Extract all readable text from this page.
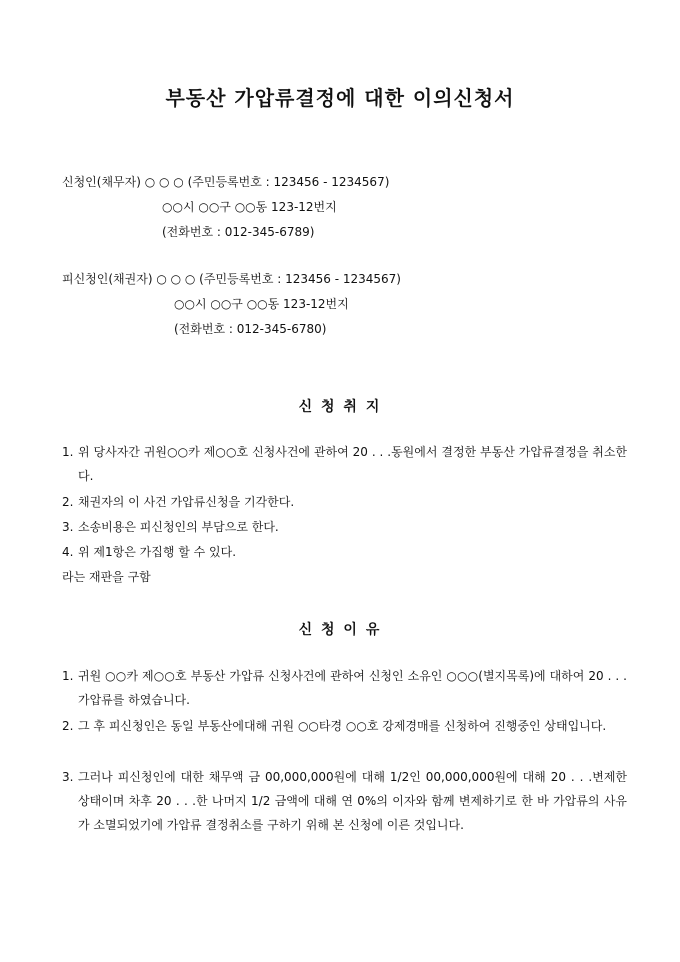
부동산 가압류결정에 대한 이의신청서
신청인(채무자) ○ ○ ○ (주민등록번호 : 123456 - 1234567)
○○시 ○○구 ○○동 123-12번지
(전화번호 : 012-345-6789)
피신청인(채권자) ○ ○ ○ (주민등록번호 : 123456 - 1234567)
○○시 ○○구 ○○동 123-12번지
(전화번호 : 012-345-6780)
신 청 취 지
1. 위 당사자간 귀원○○카 제○○호 신청사건에 관하여 20 . . .동원에서 결정한 부동산 가압류결정을 취소한다.
2. 채권자의 이 사건 가압류신청을 기각한다.
3. 소송비용은 피신청인의 부담으로 한다.
4. 위 제1항은 가집행 할 수 있다.
라는 재판을 구함
신 청 이 유
1. 귀원 ○○카 제○○호 부동산 가압류 신청사건에 관하여 신청인 소유인 ○○○(별지목록)에 대하여 20 . . .가압류를 하였습니다.
2. 그 후 피신청인은 동일 부동산에대해 귀원 ○○타경 ○○호 강제경매를 신청하여 진행중인 상태입니다.
3. 그러나 피신청인에 대한 채무액 금 00,000,000원에 대해 1/2인 00,000,000원에 대해 20 . . .변제한 상태이며 차후 20 . . .한 나머지 1/2 금액에 대해 연 0%의 이자와 함께 변제하기로 한 바 가압류의 사유가 소멸되었기에 가압류 결정취소를 구하기 위해 본 신청에 이른 것입니다.
